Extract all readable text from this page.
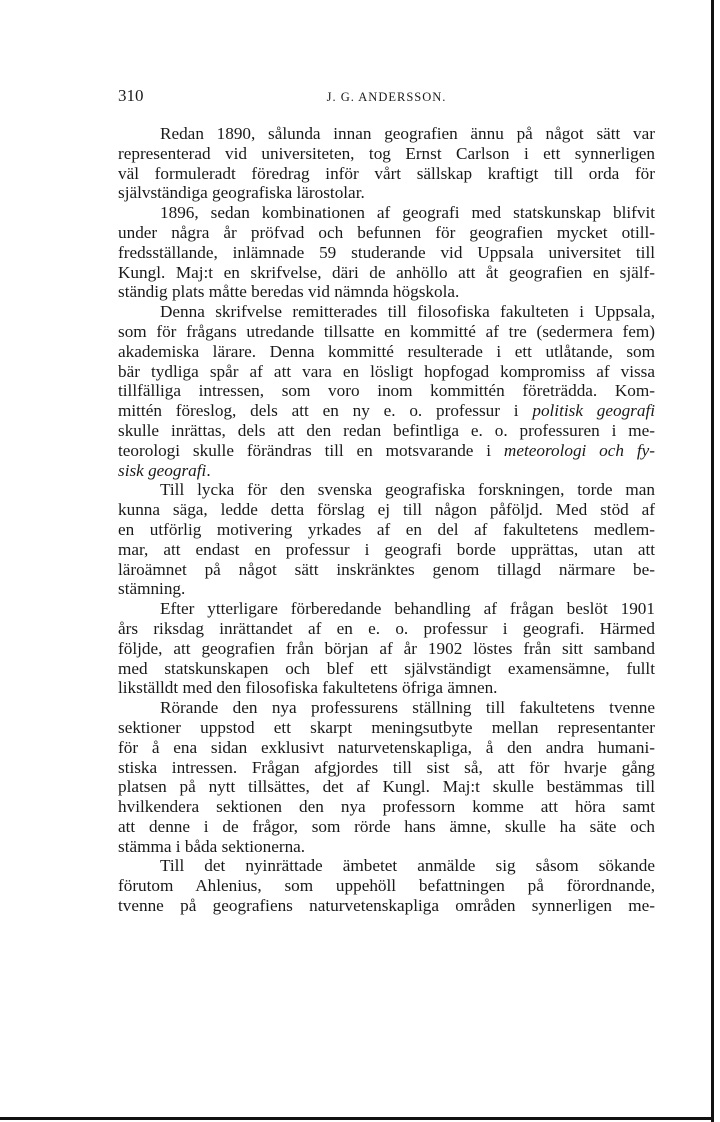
310	J. G. ANDERSSON.
Redan 1890, sålunda innan geografien ännu på något sätt var
representerad vid universiteten, tog Ernst Carlson i ett synnerligen
väl formuleradt föredrag inför vårt sällskap kraftigt till orda för
självständiga geografiska lärostolar.
1896, sedan kombinationen af geografi med statskunskap blifvit
under några år pröfvad och befunnen för geografien mycket otill-
fredsställande, inlämnade 59 studerande vid Uppsala universitet till
Kungl. Maj:t en skrifvelse, däri de anhöllo att åt geografien en själf-
ständig plats måtte beredas vid nämnda högskola.
Denna skrifvelse remitterades till filosofiska fakulteten i Uppsala,
som för frågans utredande tillsatte en kommitté af tre (sedermera fem)
akademiska lärare. Denna kommitté resulterade i ett utlåtande, som
bär tydliga spår af att vara en lösligt hopfogad kompromiss af vissa
tillfälliga intressen, som voro inom kommittén företrädda. Kom-
mittén föreslog, dels att en ny e. o. professur i politisk geografi
skulle inrättas, dels att den redan befintliga e. o. professuren i me-
teorologi skulle förändras till en motsvarande i meteorologi och fy-
sisk geografi.
Till lycka för den svenska geografiska forskningen, torde man
kunna säga, ledde detta förslag ej till någon påföljd. Med stöd af
en utförlig motivering yrkades af en del af fakultetens medlem-
mar, att endast en professur i geografi borde upprättas, utan att
läroämnet på något sätt inskränktes genom tillagd närmare be-
stämning.
Efter ytterligare förberedande behandling af frågan beslöt 1901
års riksdag inrättandet af en e. o. professur i geografi. Härmed
följde, att geografien från början af år 1902 löstes från sitt samband
med statskunskapen och blef ett självständigt examensämne, fullt
likställdt med den filosofiska fakultetens öfriga ämnen.
Rörande den nya professurens ställning till fakultetens tvenne
sektioner uppstod ett skarpt meningsutbyte mellan representanter
för å ena sidan exklusivt naturvetenskapliga, å den andra humani-
stiska intressen. Frågan afgjordes till sist så, att för hvarje gång
platsen på nytt tillsättes, det af Kungl. Maj:t skulle bestämmas till
hvilkendera sektionen den nya professorn komme att höra samt
att denne i de frågor, som rörde hans ämne, skulle ha säte och
stämma i båda sektionerna.
Till det nyinrättade ämbetet anmälde sig såsom sökande
förutom Ahlenius, som uppehöll befattningen på förordnande,
tvenne på geografiens naturvetenskapliga områden synnerligen me-
